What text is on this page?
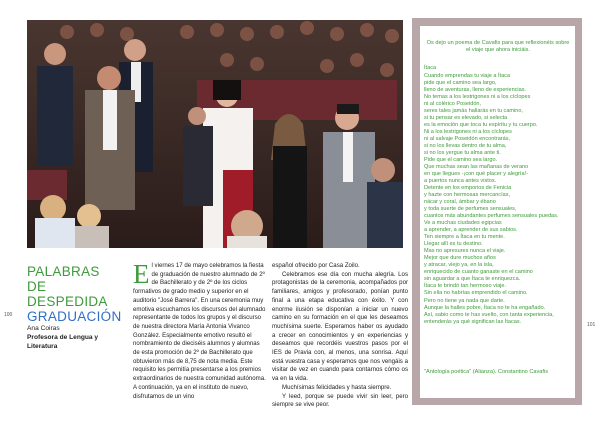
PALABRAS DE
DESPEDIDA
GRADUACIÓN
100
101
Ana Coiras
Profesora de Lengua y Literatura
E l viernes 17 de mayo celebramos la fiesta de graduación de nuestro alumnado de 2º de Bachillerato y de 2º de los ciclos formativos de grado medio y superior en el auditorio "José Barrera". En una ceremonia muy emotiva escuchamos los discursos del alumnado representante de todos los grupos y el discurso de nuestra directora María Antonia Vivanco González. Especialmente emotivo resultó el nombramiento de dieciséis alumnos y alumnas de esta promoción de 2º de Bachillerato que obtuvieron más de 8,75 de nota media. Este requisito les permitía presentarse a los premios extraordinarios de nuestra comunidad autónoma. A continuación, ya en el instituto de nuevo, disfrutamos de un vino

español ofrecido por Casa Zoilo.

Celebramos ese día con mucha alegría. Los protagonistas de la ceremonia, acompañados por familiares, amigos y profesorado, ponían punto final a una etapa educativa con éxito. Y con enorme ilusión se disponían a iniciar un nuevo camino en su formación en el que les deseamos muchísima suerte. Esperamos haber os ayudado a crecer en conocimientos y en experiencias y deseamos que recordéis vuestros pasos por el IES de Pravia con, al menos, una sonrisa. Aquí está vuestra casa y esperamos que nos vengáis a visitar de vez en cuando para contarnos cómo os va en la vida.

Muchísimas felicidades y hasta siempre.

Y leed, porque se puede vivir sin leer, pero siempre se vive peor.

Os dejo un poema de Cavafis para que reflexionéis sobre el viaje que ahora iniciáis.
Ítaca
Cuando emprendas tu viaje a Ítaca
pide que el camino sea largo,
lleno de aventuras, lleno de experiencias.
No temas a los lestrigones ni a los cíclopes
ni al colérico Poseidón,
seres tales jamás hallarás en tu camino,
si tu pensar es elevado, si selecta
es la emoción que toca tu espíritu y tu cuerpo.
Ni a los lestrigones ni a los cíclopes
ni al salvaje Poseidón encontrarás,
si no los llevas dentro de tu alma,
si no los yergue tu alma ante ti.
Pide que el camino sea largo.
Que muchas sean las mañanas de verano
en que llegues -¡con qué placer y alegría!-
a puertos nunca antes vistos.
Detente en los emporios de Fenicia
y hazte con hermosas mercancías,
nácar y coral, ámbar y ébano
y toda suerte de perfumes sensuales,
cuantos más abundantes perfumes sensuales puedas.
Ve a muchas ciudades egipcias
a aprender, a aprender de sus sabios.
Ten siempre a Ítaca en tu mente.
Llegar allí es tu destino.
Mas no apresures nunca el viaje.
Mejor que dure muchos años
y atracar, viejo ya, en la isla,
enriquecido de cuanto ganaste en el camino
sin aguardar a que Ítaca te enriquezca.
Ítaca te brindó tan hermoso viaje.
Sin ella no habrías emprendido el camino.
Pero no tiene ya nada que darte.
Aunque la halles pobre, Ítaca no te ha engañado.
Así, sabio como te has vuelto, con tanta experiencia,
entenderás ya qué significan las Ítacas.
"Antología poética" (Alianza). Constantino Cavafis
